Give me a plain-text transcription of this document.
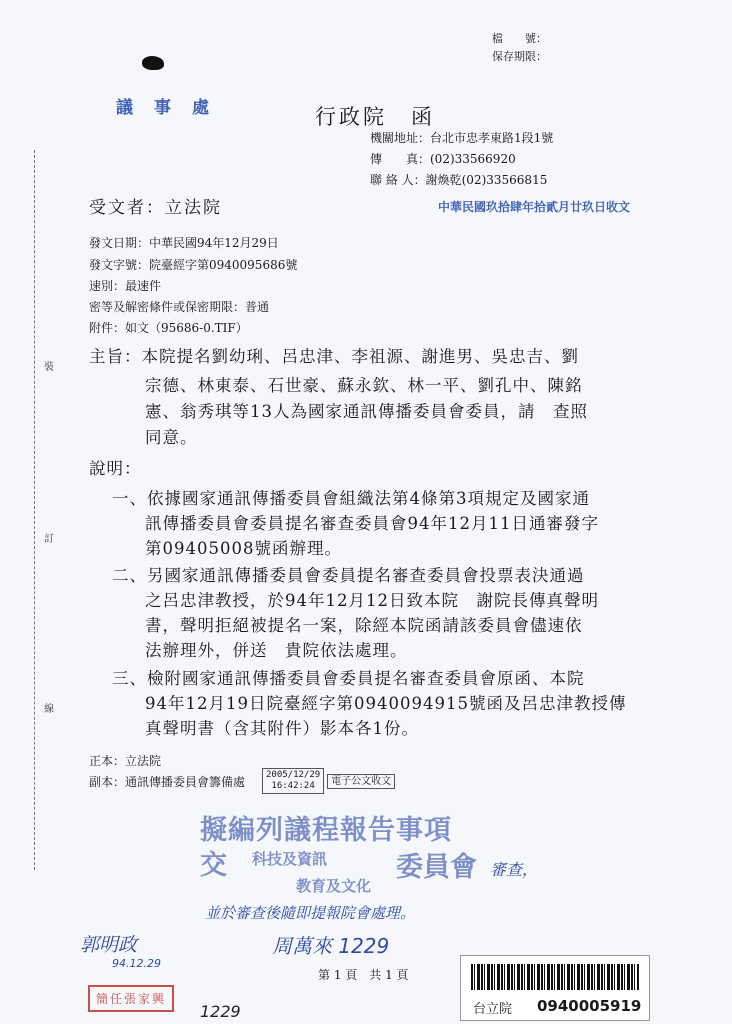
裝
訂
線
檔　　號：
保存期限：
議　事　處	行政院　函
機關地址：台北市忠孝東路1段1號
傳　　真：(02)33566920
聯 絡 人：謝煥乾(02)33566815
受文者：立法院	中華民國玖拾肆年拾貳月廿玖日收文
發文日期：中華民國94年12月29日
發文字號：院臺經字第0940095686號
速別：最速件
密等及解密條件或保密期限：普通
附件：如文（95686-0.TIF）
主旨：本院提名劉幼琍、呂忠津、李祖源、謝進男、吳忠吉、劉
宗德、林東泰、石世豪、蘇永欽、林一平、劉孔中、陳銘
憲、翁秀琪等13人為國家通訊傳播委員會委員，請　查照
同意。
說明：
一、依據國家通訊傳播委員會組織法第4條第3項規定及國家通
訊傳播委員會委員提名審查委員會94年12月11日通審發字
第09405008號函辦理。
二、另國家通訊傳播委員會委員提名審查委員會投票表決通過
之呂忠津教授，於94年12月12日致本院　謝院長傳真聲明
書，聲明拒絕被提名一案，除經本院函請該委員會儘速依
法辦理外，併送　貴院依法處理。
三、檢附國家通訊傳播委員會委員提名審查委員會原函、本院
94年12月19日院臺經字第0940094915號函及呂忠津教授傳
真聲明書（含其附件）影本各1份。
正本：立法院
副本：通訊傳播委員會籌備處	2005/12/29
16:42:24	電子公文收文
擬編列議程報告事項
交 科技及資訊
教育及文化
委員會 審查，
並於審查後隨即提報院會處理。
周萬來 1229
郭明政
94.12.29
1229
簡任張家興
第 1 頁　共 1 頁
台立院 0940005919
